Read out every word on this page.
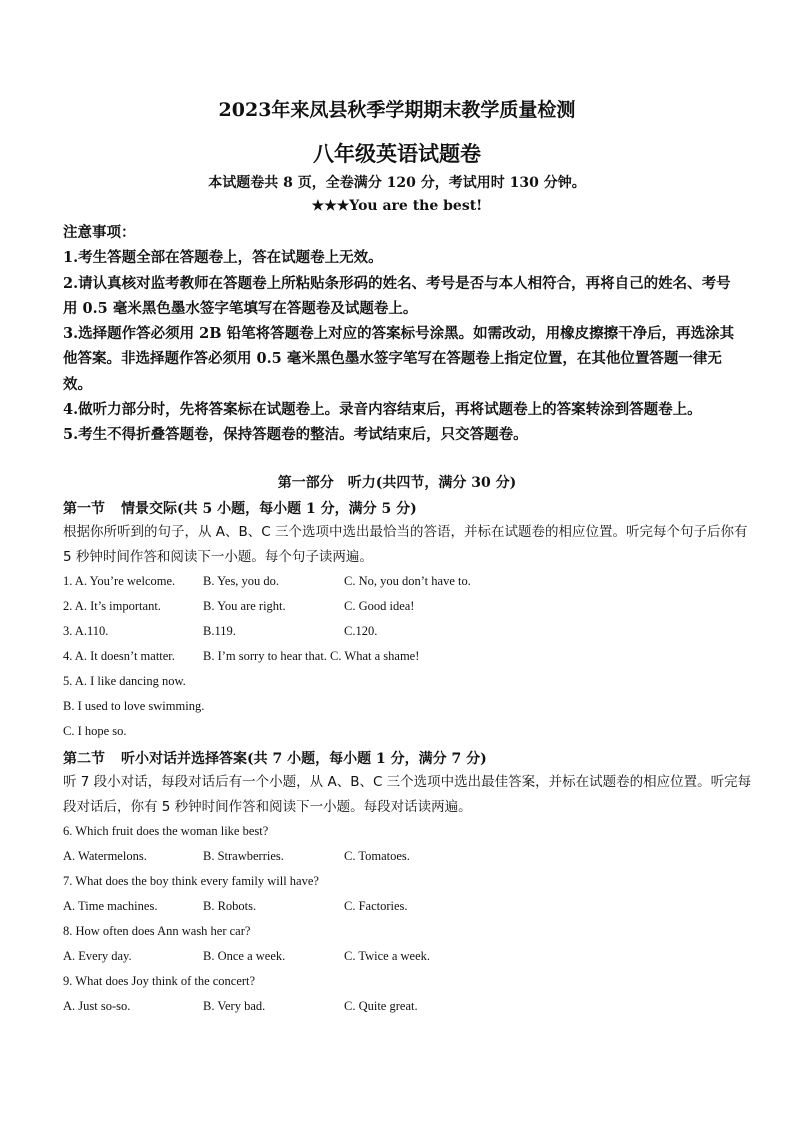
2023年来凤县秋季学期期末教学质量检测
八年级英语试题卷
本试题卷共 8 页，全卷满分 120 分，考试用时 130 分钟。
★★★You are the best!

注意事项：

1.考生答题全部在答题卷上，答在试题卷上无效。

2.请认真核对监考教师在答题卷上所粘贴条形码的姓名、考号是否与本人相符合，再将自己的姓名、考号用 0.5 毫米黑色墨水签字笔填写在答题卷及试题卷上。

3.选择题作答必须用 2B 铅笔将答题卷上对应的答案标号涂黑。如需改动，用橡皮擦擦干净后，再选涂其他答案。非选择题作答必须用 0.5 毫米黑色墨水签字笔写在答题卷上指定位置，在其他位置答题一律无效。

4.做听力部分时，先将答案标在试题卷上。录音内容结束后，再将试题卷上的答案转涂到答题卷上。

5.考生不得折叠答题卷，保持答题卷的整洁。考试结束后，只交答题卷。

第一部分　听力(共四节，满分 30 分)
第一节 情景交际(共 5 小题，每小题 1 分，满分 5 分)
根据你所听到的句子，从 A、B、C 三个选项中选出最恰当的答语，并标在试题卷的相应位置。听完每个句子后你有 5 秒钟时间作答和阅读下一小题。每个句子读两遍。
1. A. You’re welcome. B. Yes, you do.	C. No, you don’t have to.
2. A. It’s important.	B. You are right.	C. Good idea!
3. A.110.	B.119.	C.120.
4. A. It doesn’t matter. B. I’m sorry to hear that. C. What a shame!
5. A. I like dancing now.
B. I used to love swimming.
C. I hope so.
第二节 听小对话并选择答案(共 7 小题，每小题 1 分，满分 7 分)
听 7 段小对话，每段对话后有一个小题，从 A、B、C 三个选项中选出最佳答案，并标在试题卷的相应位置。听完每段对话后，你有 5 秒钟时间作答和阅读下一小题。每段对话读两遍。
6. Which fruit does the woman like best?
A. Watermelons.	B. Strawberries.	C. Tomatoes.
7. What does the boy think every family will have?
A. Time machines.	B. Robots.	C. Factories.
8. How often does Ann wash her car?
A. Every day.	B. Once a week.	C. Twice a week.
9. What does Joy think of the concert?
A. Just so-so.	B. Very bad.	C. Quite great.
